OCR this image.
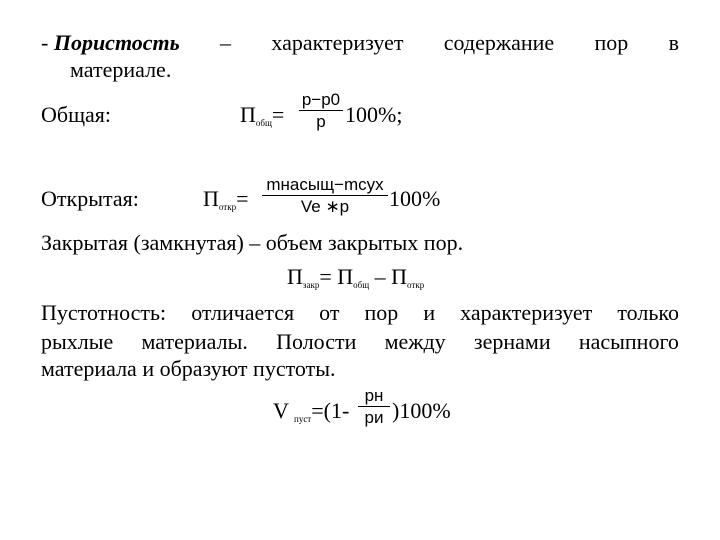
- Пористость – характеризует содержание пор в
материале.
Общая:	Побщ=
p−p0
p 100%;
Открытая:	Поткр=
mнасыщ−mсух
Ve ∗p	100%
Закрытая (замкнутая) – объем закрытых пор.
Пзакр= Побщ – Поткр
Пустотность: отличается от пор и характеризует только
рыхлые материалы. Полости между зернами насыпного
материала и образуют пустоты.
V пуст=(1-
pн
pи )100%
